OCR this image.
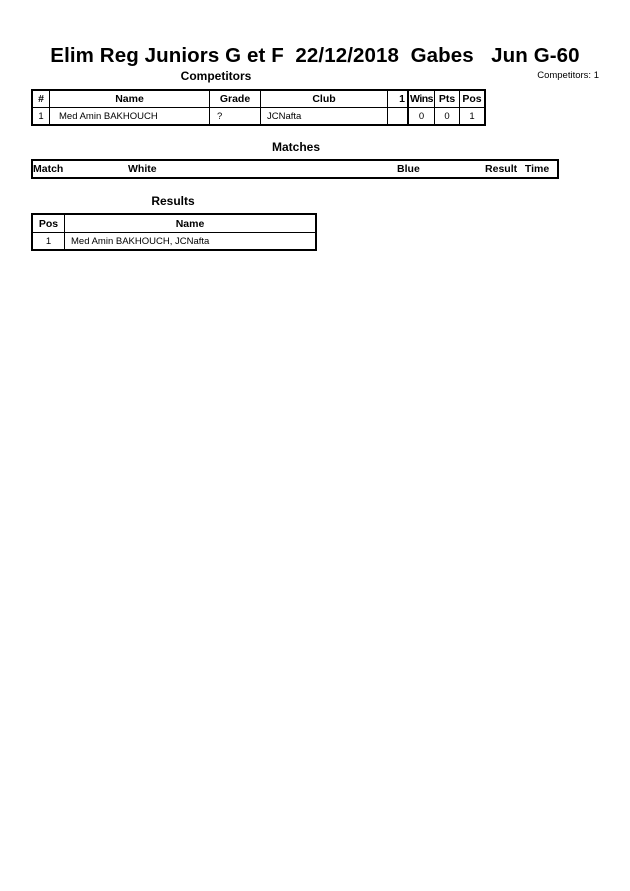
Elim Reg Juniors G et F  22/12/2018  Gabes   Jun G-60
Competitors	Competitors: 1
#	Name	Grade	Club	1	Wins	Pts	Pos
1	Med Amin BAKHOUCH	?	JCNafta		0	0	1
Matches
Match	White	Blue	Result	Time
Results
Pos	Name
1	Med Amin BAKHOUCH, JCNafta
